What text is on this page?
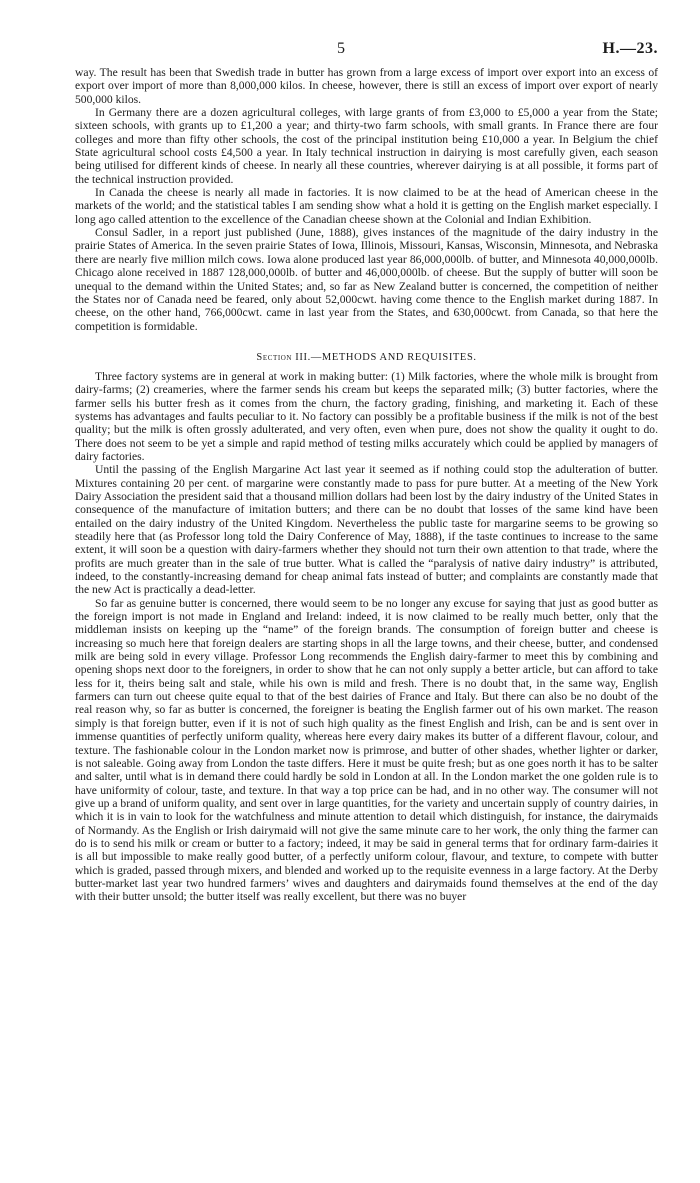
5	H.—23.

way. The result has been that Swedish trade in butter has grown from a large excess of import over export into an excess of export over import of more than 8,000,000 kilos. In cheese, however, there is still an excess of import over export of nearly 500,000 kilos.

In Germany there are a dozen agricultural colleges, with large grants of from £3,000 to £5,000 a year from the State; sixteen schools, with grants up to £1,200 a year; and thirty-two farm schools, with small grants. In France there are four colleges and more than fifty other schools, the cost of the principal institution being £10,000 a year. In Belgium the chief State agricultural school costs £4,500 a year. In Italy technical instruction in dairying is most carefully given, each season being utilised for different kinds of cheese. In nearly all these countries, wherever dairying is at all possible, it forms part of the technical instruction provided.

In Canada the cheese is nearly all made in factories. It is now claimed to be at the head of American cheese in the markets of the world; and the statistical tables I am sending show what a hold it is getting on the English market especially. I long ago called attention to the excellence of the Canadian cheese shown at the Colonial and Indian Exhibition.

Consul Sadler, in a report just published (June, 1888), gives instances of the magnitude of the dairy industry in the prairie States of America. In the seven prairie States of Iowa, Illinois, Missouri, Kansas, Wisconsin, Minnesota, and Nebraska there are nearly five million milch cows. Iowa alone produced last year 86,000,000lb. of butter, and Minnesota 40,000,000lb. Chicago alone received in 1887 128,000,000lb. of butter and 46,000,000lb. of cheese. But the supply of butter will soon be unequal to the demand within the United States; and, so far as New Zealand butter is concerned, the competition of neither the States nor of Canada need be feared, only about 52,000cwt. having come thence to the English market during 1887. In cheese, on the other hand, 766,000cwt. came in last year from the States, and 630,000cwt. from Canada, so that here the competition is formidable.

Section III.—METHODS AND REQUISITES.

Three factory systems are in general at work in making butter: (1) Milk factories, where the whole milk is brought from dairy-farms; (2) creameries, where the farmer sends his cream but keeps the separated milk; (3) butter factories, where the farmer sells his butter fresh as it comes from the churn, the factory grading, finishing, and marketing it. Each of these systems has advantages and faults peculiar to it. No factory can possibly be a profitable business if the milk is not of the best quality; but the milk is often grossly adulterated, and very often, even when pure, does not show the quality it ought to do. There does not seem to be yet a simple and rapid method of testing milks accurately which could be applied by managers of dairy factories.

Until the passing of the English Margarine Act last year it seemed as if nothing could stop the adulteration of butter. Mixtures containing 20 per cent. of margarine were constantly made to pass for pure butter. At a meeting of the New York Dairy Association the president said that a thousand million dollars had been lost by the dairy industry of the United States in consequence of the manufacture of imitation butters; and there can be no doubt that losses of the same kind have been entailed on the dairy industry of the United Kingdom. Nevertheless the public taste for margarine seems to be growing so steadily here that (as Professor long told the Dairy Conference of May, 1888), if the taste continues to increase to the same extent, it will soon be a question with dairy-farmers whether they should not turn their own attention to that trade, where the profits are much greater than in the sale of true butter. What is called the “paralysis of native dairy industry” is attributed, indeed, to the constantly-increasing demand for cheap animal fats instead of butter; and complaints are constantly made that the new Act is practically a dead-letter.

So far as genuine butter is concerned, there would seem to be no longer any excuse for saying that just as good butter as the foreign import is not made in England and Ireland: indeed, it is now claimed to be really much better, only that the middleman insists on keeping up the “name” of the foreign brands. The consumption of foreign butter and cheese is increasing so much here that foreign dealers are starting shops in all the large towns, and their cheese, butter, and condensed milk are being sold in every village. Professor Long recommends the English dairy-farmer to meet this by combining and opening shops next door to the foreigners, in order to show that he can not only supply a better article, but can afford to take less for it, theirs being salt and stale, while his own is mild and fresh. There is no doubt that, in the same way, English farmers can turn out cheese quite equal to that of the best dairies of France and Italy. But there can also be no doubt of the real reason why, so far as butter is concerned, the foreigner is beating the English farmer out of his own market. The reason simply is that foreign butter, even if it is not of such high quality as the finest English and Irish, can be and is sent over in immense quantities of perfectly uniform quality, whereas here every dairy makes its butter of a different flavour, colour, and texture. The fashionable colour in the London market now is primrose, and butter of other shades, whether lighter or darker, is not saleable. Going away from London the taste differs. Here it must be quite fresh; but as one goes north it has to be salter and salter, until what is in demand there could hardly be sold in London at all. In the London market the one golden rule is to have uniformity of colour, taste, and texture. In that way a top price can be had, and in no other way. The consumer will not give up a brand of uniform quality, and sent over in large quantities, for the variety and uncertain supply of country dairies, in which it is in vain to look for the watchfulness and minute attention to detail which distinguish, for instance, the dairymaids of Normandy. As the English or Irish dairymaid will not give the same minute care to her work, the only thing the farmer can do is to send his milk or cream or butter to a factory; indeed, it may be said in general terms that for ordinary farm-dairies it is all but impossible to make really good butter, of a perfectly uniform colour, flavour, and texture, to compete with butter which is graded, passed through mixers, and blended and worked up to the requisite evenness in a large factory. At the Derby butter-market last year two hundred farmers’ wives and daughters and dairymaids found themselves at the end of the day with their butter unsold; the butter itself was really excellent, but there was no buyer
